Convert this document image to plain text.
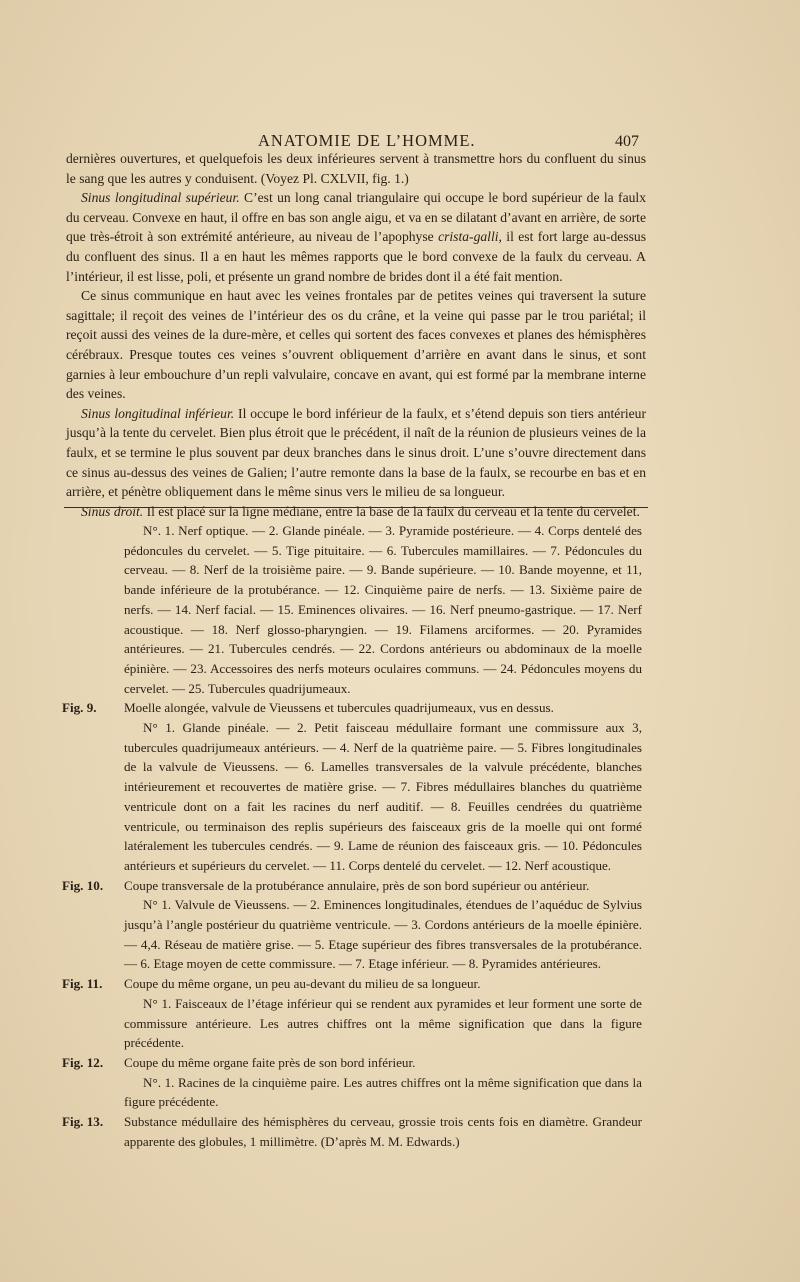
ANATOMIE DE L’HOMME.	407

dernières ouvertures, et quelquefois les deux inférieures servent à transmettre hors du confluent du sinus le sang que les autres y conduisent. (Voyez Pl. CXLVII, fig. 1.)

Sinus longitudinal supérieur. C’est un long canal triangulaire qui occupe le bord supérieur de la faulx du cerveau. Convexe en haut, il offre en bas son angle aigu, et va en se dilatant d’avant en arrière, de sorte que très-étroit à son extrémité antérieure, au niveau de l’apophyse crista-galli, il est fort large au-dessus du confluent des sinus. Il a en haut les mêmes rapports que le bord convexe de la faulx du cerveau. A l’intérieur, il est lisse, poli, et présente un grand nombre de brides dont il a été fait mention.

Ce sinus communique en haut avec les veines frontales par de petites veines qui traversent la suture sagittale; il reçoit des veines de l’intérieur des os du crâne, et la veine qui passe par le trou pariétal; il reçoit aussi des veines de la dure-mère, et celles qui sortent des faces convexes et planes des hémisphères cérébraux. Presque toutes ces veines s’ouvrent obliquement d’arrière en avant dans le sinus, et sont garnies à leur embouchure d’un repli valvulaire, concave en avant, qui est formé par la membrane interne des veines.

Sinus longitudinal inférieur. Il occupe le bord inférieur de la faulx, et s’étend depuis son tiers antérieur jusqu’à la tente du cervelet. Bien plus étroit que le précédent, il naît de la réunion de plusieurs veines de la faulx, et se termine le plus souvent par deux branches dans le sinus droit. L’une s’ouvre directement dans ce sinus au-dessus des veines de Galien; l’autre remonte dans la base de la faulx, se recourbe en bas et en arrière, et pénètre obliquement dans le même sinus vers le milieu de sa longueur.

Sinus droit. Il est placé sur la ligne médiane, entre la base de la faulx du cerveau et la tente du cervelet.

N°. 1. Nerf optique. — 2. Glande pinéale. — 3. Pyramide postérieure. — 4. Corps dentelé des pédoncules du cervelet. — 5. Tige pituitaire. — 6. Tubercules mamillaires. — 7. Pédoncules du cerveau. — 8. Nerf de la troisième paire. — 9. Bande supérieure. — 10. Bande moyenne, et 11, bande inférieure de la protubérance. — 12. Cinquième paire de nerfs. — 13. Sixième paire de nerfs. — 14. Nerf facial. — 15. Eminences olivaires. — 16. Nerf pneumo-gastrique. — 17. Nerf acoustique. — 18. Nerf glosso-pharyngien. — 19. Filamens arciformes. — 20. Pyramides antérieures. — 21. Tubercules cendrés. — 22. Cordons antérieurs ou abdominaux de la moelle épinière. — 23. Accessoires des nerfs moteurs oculaires communs. — 24. Pédoncules moyens du cervelet. — 25. Tubercules quadrijumeaux.

Fig. 9.	Moelle alongée, valvule de Vieussens et tubercules quadrijumeaux, vus en dessus.

N° 1. Glande pinéale. — 2. Petit faisceau médullaire formant une commissure aux 3, tubercules quadrijumeaux antérieurs. — 4. Nerf de la quatrième paire. — 5. Fibres longitudinales de la valvule de Vieussens. — 6. Lamelles transversales de la valvule précédente, blanches intérieurement et recouvertes de matière grise. — 7. Fibres médullaires blanches du quatrième ventricule dont on a fait les racines du nerf auditif. — 8. Feuilles cendrées du quatrième ventricule, ou terminaison des replis supérieurs des faisceaux gris de la moelle qui ont formé latéralement les tubercules cendrés. — 9. Lame de réunion des faisceaux gris. — 10. Pédoncules antérieurs et supérieurs du cervelet. — 11. Corps dentelé du cervelet. — 12. Nerf acoustique.

Fig. 10.	Coupe transversale de la protubérance annulaire, près de son bord supérieur ou antérieur.

N° 1. Valvule de Vieussens. — 2. Eminences longitudinales, étendues de l’aquéduc de Sylvius jusqu’à l’angle postérieur du quatrième ventricule. — 3. Cordons antérieurs de la moelle épinière. — 4,4. Réseau de matière grise. — 5. Etage supérieur des fibres transversales de la protubérance. — 6. Etage moyen de cette commissure. — 7. Etage inférieur. — 8. Pyramides antérieures.

Fig. 11.	Coupe du même organe, un peu au-devant du milieu de sa longueur.

N° 1. Faisceaux de l’étage inférieur qui se rendent aux pyramides et leur forment une sorte de commissure antérieure. Les autres chiffres ont la même signification que dans la figure précédente.

Fig. 12.	Coupe du même organe faite près de son bord inférieur.

N°. 1. Racines de la cinquième paire. Les autres chiffres ont la même signification que dans la figure précédente.

Fig. 13.	Substance médullaire des hémisphères du cerveau, grossie trois cents fois en diamètre. Grandeur apparente des globules, 1 millimètre. (D’après M. M. Edwards.)
